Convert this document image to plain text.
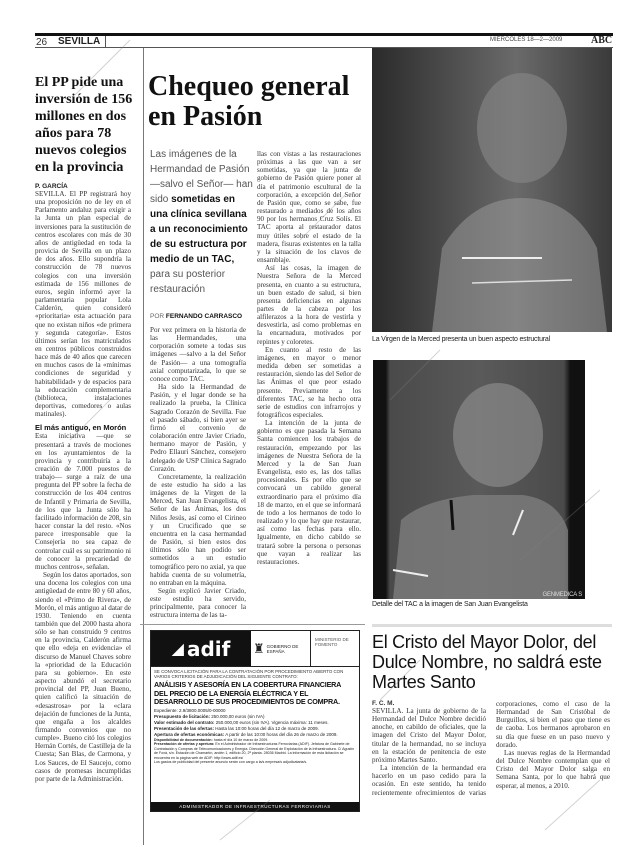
26 SEVILLA	MIÉRCOLES 18—2—2009	ABC
El PP pide una inversión de 156 millones en dos años para 78 nuevos colegios en la provincia
P. GARCÍA

SEVILLA. El PP registrará hoy una proposición no de ley en el Parlamento andaluz para exigir a la Junta un plan especial de inversiones para la sustitución de centros escolares con más de 30 años de antigüedad en toda la provicia de Sevilla en un plazo de dos años. Ello supondría la construcción de 78 nuevos colegios con una inversión estimada de 156 millones de euros, según informó ayer la parlamentaria popular Lola Calderón, quien consideró «prioritaria» esta actuación para que no existan niños «de primera y segunda categoría». Estos últimos serían los matriculados en centros públicos construidos hace más de 40 años que carecen en muchos casos de la «mínimas condiciones de seguridad y habitabilidad» y de espacios para la educación complementaria (biblioteca, instalaciones deportivas, comedores o aulas matinales).

El más antiguo, en Morón

Esta iniciativa —que se presentará a través de mociones en los ayuntamientos de la provincia y contribuiría a la creación de 7.000 puestos de trabajo— surge a raíz de una pregunta del PP sobre la fecha de construcción de los 404 centros de Infantil y Primaria de Sevilla, de los que la Junta sólo ha facilitado información de 208, sin hacer constar la del resto. «Nos parece irresponsable que la Consejería no sea capaz de controlar cuál es su patrimonio ni de conocer la precariedad de muchos centros», señalan.

Según los datos aportados, son una docena los colegios con una antigüedad de entre 80 y 60 años, siendo el «Primo de Rivera», de Morón, el más antiguo al datar de 1930. Teniendo en cuenta también que del 2000 hasta ahora sólo se han construido 9 centros en la provincia, Calderón afirma que ello «deja en evidencia» el discurso de Manuel Chaves sobre la «prioridad de la Educación para su gobierno». En este aspecto abundó el secretario provincial del PP, Juan Bueno, quien calificó la situación de «desastrosa» por la «clara dejación de funciones de la Junta, que engaña a los alcaldes firmando convenios que no cumple». Bueno citó los colegios Hernán Cortés, de Castilleja de la Cuesta; San Blas, de Carmona, y Los Sauces, de El Saucejo, como casos de promesas incumplidas por parte de la Administración.

Chequeo general en Pasión
Las imágenes de la Hermandad de Pasión —salvo el Señor— han sido sometidas en una clínica sevillana a un reconocimiento de su estructura por medio de un TAC, para su posterior restauración
POR FERNANDO CARRASCO

Por vez primera en la historia de las Hermandades, una corporación somete a todas sus imágenes —salvo a la del Señor de Pasión— a una tomografía axial computarizada, lo que se conoce como TAC.

Ha sido la Hermandad de Pasión, y el lugar donde se ha realizado la prueba, la Clínica Sagrado Corazón de Sevilla. Fue el pasado sábado, si bien ayer se firmó el convenio de colaboración entre Javier Criado, hermano mayor de Pasión, y Pedro Ellauri Sánchez, consejero delegado de USP Clínica Sagrado Corazón.

Concretamente, la realización de este estudio ha sido a las imágenes de la Virgen de la Merced, San Juan Evangelista, el Señor de las Ánimas, los dos Niños Jesús, así como el Cirineo y un Crucificado que se encuentra en la casa hermandad de Pasión, si bien estos dos últimos sólo han podido ser sometidos a un estudio tomográfico pero no axial, ya que habida cuenta de su volumetría, no entraban en la máquina.

Según explicó Javier Criado, este estudio ha servido, principalmente, para conocer la estructura interna de las ta-

llas con vistas a las restauraciones próximas a las que van a ser sometidas, ya que la junta de gobierno de Pasión quiere poner al día el patrimonio escultural de la corporación, a excepción del Señor de Pasión que, como se sabe, fue restaurado a mediados de los años 90 por los hermanos Cruz Solís. El TAC aporta al restaurador datos muy útiles sobre el estado de la madera, fisuras existentes en la talla y la situación de los clavos de ensamblaje.

Así las cosas, la imagen de Nuestra Señora de la Merced presenta, en cuanto a su estructura, un buen estado de salud, si bien presenta deficiencias en algunas partes de la cabeza por los alfilerazos a la hora de vestirla y desvestirla, así como problemas en la encarnadura, motivados por repintes y coloretes.

En cuanto al resto de las imágenes, en mayor o menor medida deben ser sometidas a restauración, siendo las del Señor de las Ánimas el que peor estado presente. Previamente a los diferentes TAC, se ha hecho otra serie de estudios con infrarrojos y fotográficos especiales.

La intención de la junta de gobierno es que pasada la Semana Santa comiencen los trabajos de restauración, empezando por las imágenes de Nuestra Señora de la Merced y la de San Juan Evangelista, esto es, las dos tallas procesionales. Es por ello que se convocará un cabildo general extraordinario para el próximo día 18 de marzo, en el que se informará de todo a los hermanos de todo lo realizado y lo que hay que restaurar, así como las fechas para ello. Igualmente, en dicho cabildo se tratará sobre la persona o personas que vayan a realizar las restauraciones.

La Virgen de la Merced presenta un buen aspecto estructural
GENMEDICA S
Detalle del TAC a la imagen de San Juan Evangelista
◢ adif ♜ GOBIERNO DE ESPAÑA
MINISTERIO DE FOMENTO
SE CONVOCA LICITACIÓN PARA LA CONTRATACIÓN POR PROCEDIMIENTO ABIERTO CON VARIOS CRITERIOS DE ADJUDICACIÓN DEL SIGUIENTE CONTRATO:
ANÁLISIS Y ASESORÍA EN LA COBERTURA FINANCIERA DEL PRECIO DE LA ENERGÍA ELÉCTRICA Y EL DESARROLLO DE SUS PROCEDIMIENTOS DE COMPRA.
Expediente: 2.9/3800.0005/0-00000
Presupuesto de licitación: 250.000,00 euros (sin IVA)
Valor estimado del contrato: 250.000,00 euros (sin IVA). Vigencia máxima: 11 meses.
Presentación de las ofertas: Hasta las 10:00 horas del día 12 de marzo de 2009.
Apertura de ofertas económicas: A partir de las 10:00 horas del día 26 de marzo de 2009.
Disponibilidad de documentación: hasta el día 10 de marzo de 2009.
Presentación de ofertas y apertura: En el Administrador de Infraestructuras Ferroviarias (ADIF). Jefatura de Gabinete de Contratación y Compras de Telecomunicaciones y Energía. Dirección General de Explotación de la Infraestructura. C/ Agustín de Foxá, s/n. Estación de Chamartín, andén 1, edificio 20, 2ª planta. 28036 Madrid. La información de esta licitación se encuentra en la página web de ADIF: http://www.adif.es/
Los gastos de publicidad del presente anuncio serán con cargo a la/s empresa/s adjudicataria/s.
ADMINISTRADOR DE INFRAESTRUCTURAS FERROVIARIAS
El Cristo del Mayor Dolor, del Dulce Nombre, no saldrá este Martes Santo
F. C. M.

SEVILLA. La junta de gobierno de la Hermandad del Dulce Nombre decidió anoche, en cabildo de oficiales, que la imagen del Cristo del Mayor Dolor, titular de la hermandad, no se incluya en la estación de penitencia de este próximo Martes Santo.

La intención de la hermandad era hacerlo en un paso cedido para la ocasión. En este sentido, ha tenido recientemente ofrecimientos de varias corporaciones, como el caso de la Hermandad de San Cristóbal de Burguillos, si bien el paso que tiene es de caoba. Los hermanos aprobaron en su día que fuese en un paso nuevo y dorado.

Las nuevas reglas de la Hermandad del Dulce Nombre contemplan que el Cristo del Mayor Dolor salga en Semana Santa, por lo que habrá que esperar, al menos, a 2010.
